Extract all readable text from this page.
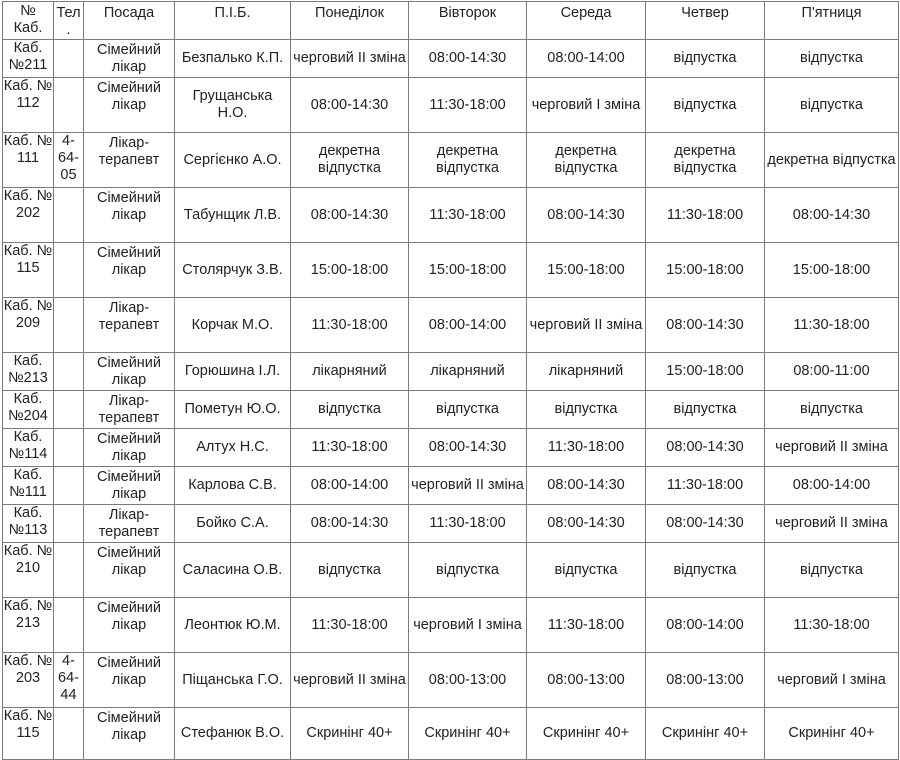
№ Каб.	Тел.	Посада	П.І.Б.	Понеділок	Вівторок	Середа	Четвер	П'ятниця
Каб. №211		Сімейний лікар	Безпалько К.П.	черговий ІІ зміна	08:00-14:30	08:00-14:00	відпустка	відпустка
Каб. № 112		Сімейний лікар	Грущанська Н.О.	08:00-14:30	11:30-18:00	черговий І зміна	відпустка	відпустка
Каб. № 111	4-64-05	Лікар-терапевт	Сергієнко А.О.	декретна відпустка	декретна відпустка	декретна відпустка	декретна відпустка	декретна відпустка
Каб. № 202		Сімейний лікар	Табунщик Л.В.	08:00-14:30	11:30-18:00	08:00-14:30	11:30-18:00	08:00-14:30
Каб. № 115		Сімейний лікар	Столярчук З.В.	15:00-18:00	15:00-18:00	15:00-18:00	15:00-18:00	15:00-18:00
Каб. № 209		Лікар-терапевт	Корчак М.О.	11:30-18:00	08:00-14:00	черговий ІІ зміна	08:00-14:30	11:30-18:00
Каб. №213		Сімейний лікар	Горюшина І.Л.	лікарняний	лікарняний	лікарняний	15:00-18:00	08:00-11:00
Каб. №204		Лікар-терапевт	Пометун Ю.О.	відпустка	відпустка	відпустка	відпустка	відпустка
Каб. №114		Сімейний лікар	Алтух Н.С.	11:30-18:00	08:00-14:30	11:30-18:00	08:00-14:30	черговий ІІ зміна
Каб. №111		Сімейний лікар	Карлова С.В.	08:00-14:00	черговий ІІ зміна	08:00-14:30	11:30-18:00	08:00-14:00
Каб. №113		Лікар-терапевт	Бойко С.А.	08:00-14:30	11:30-18:00	08:00-14:30	08:00-14:30	черговий ІІ зміна
Каб. № 210		Сімейний лікар	Саласина О.В.	відпустка	відпустка	відпустка	відпустка	відпустка
Каб. № 213		Сімейний лікар	Леонтюк Ю.М.	11:30-18:00	черговий І зміна	11:30-18:00	08:00-14:00	11:30-18:00
Каб. № 203	4-64-44	Сімейний лікар	Піщанська Г.О.	черговий ІІ зміна	08:00-13:00	08:00-13:00	08:00-13:00	черговий І зміна
Каб. № 115		Сімейний лікар	Стефанюк В.О.	Скринінг 40+	Скринінг 40+	Скринінг 40+	Скринінг 40+	Скринінг 40+
